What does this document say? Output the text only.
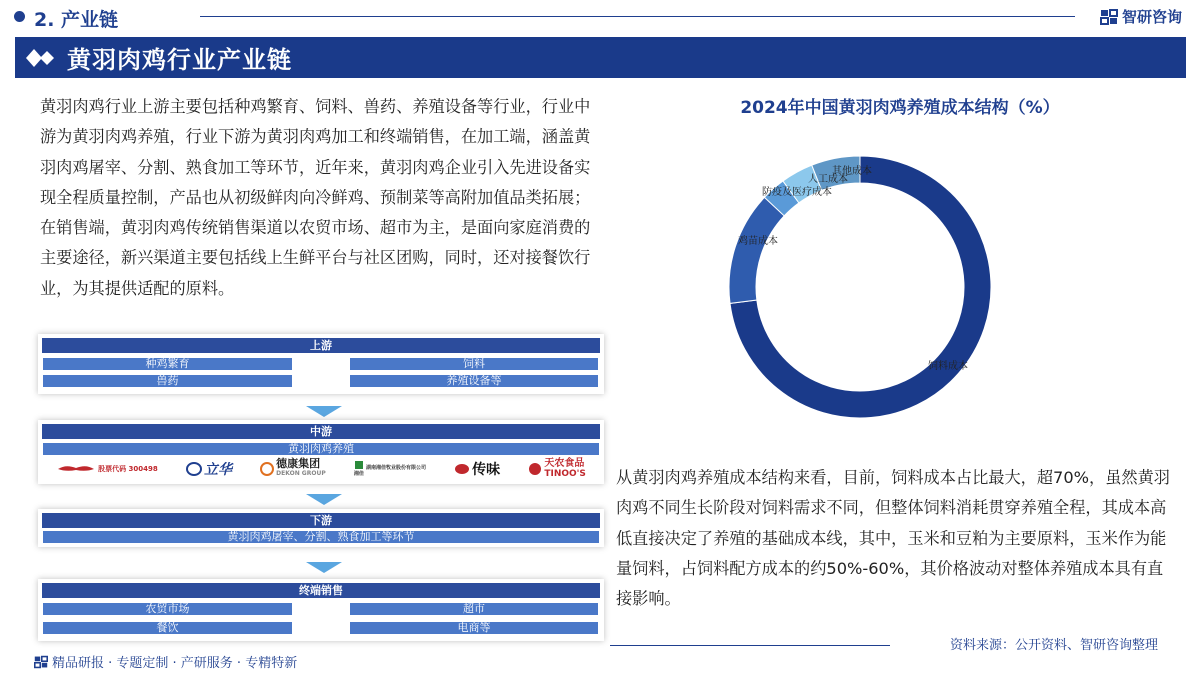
2. 产业链	智研咨询
黄羽肉鸡行业产业链
黄羽肉鸡行业上游主要包括种鸡繁育、饲料、兽药、养殖设备等行业，行业中游为黄羽肉鸡养殖，行业下游为黄羽肉鸡加工和终端销售，在加工端，涵盖黄羽肉鸡屠宰、分割、熟食加工等环节，近年来，黄羽肉鸡企业引入先进设备实现全程质量控制，产品也从初级鲜肉向冷鲜鸡、预制菜等高附加值品类拓展；在销售端，黄羽肉鸡传统销售渠道以农贸市场、超市为主，是面向家庭消费的主要途径，新兴渠道主要包括线上生鲜平台与社区团购，同时，还对接餐饮行业，为其提供适配的原料。
上游
种鸡繁育	饲料
兽药	养殖设备等
中游
黄羽肉鸡养殖
股票代码 300498	立华	德康集团
DEKON GROUP	湘佳
湖南湘佳牧业股份有限公司	传味	天农食品
TINOO'S
下游
黄羽肉鸡屠宰、分割、熟食加工等环节
终端销售
农贸市场	超市
餐饮	电商等
2024年中国黄羽肉鸡养殖成本结构（%）
饲料成本
鸡苗成本
防疫及医疗成本
人工成本
其他成本
从黄羽肉鸡养殖成本结构来看，目前，饲料成本占比最大，超70%，虽然黄羽肉鸡不同生长阶段对饲料需求不同，但整体饲料消耗贯穿养殖全程，其成本高低直接决定了养殖的基础成本线，其中，玉米和豆粕为主要原料，玉米作为能量饲料，占饲料配方成本的约50%-60%，其价格波动对整体养殖成本具有直接影响。
资料来源：公开资料、智研咨询整理
精品研报 · 专题定制 · 产研服务 · 专精特新
